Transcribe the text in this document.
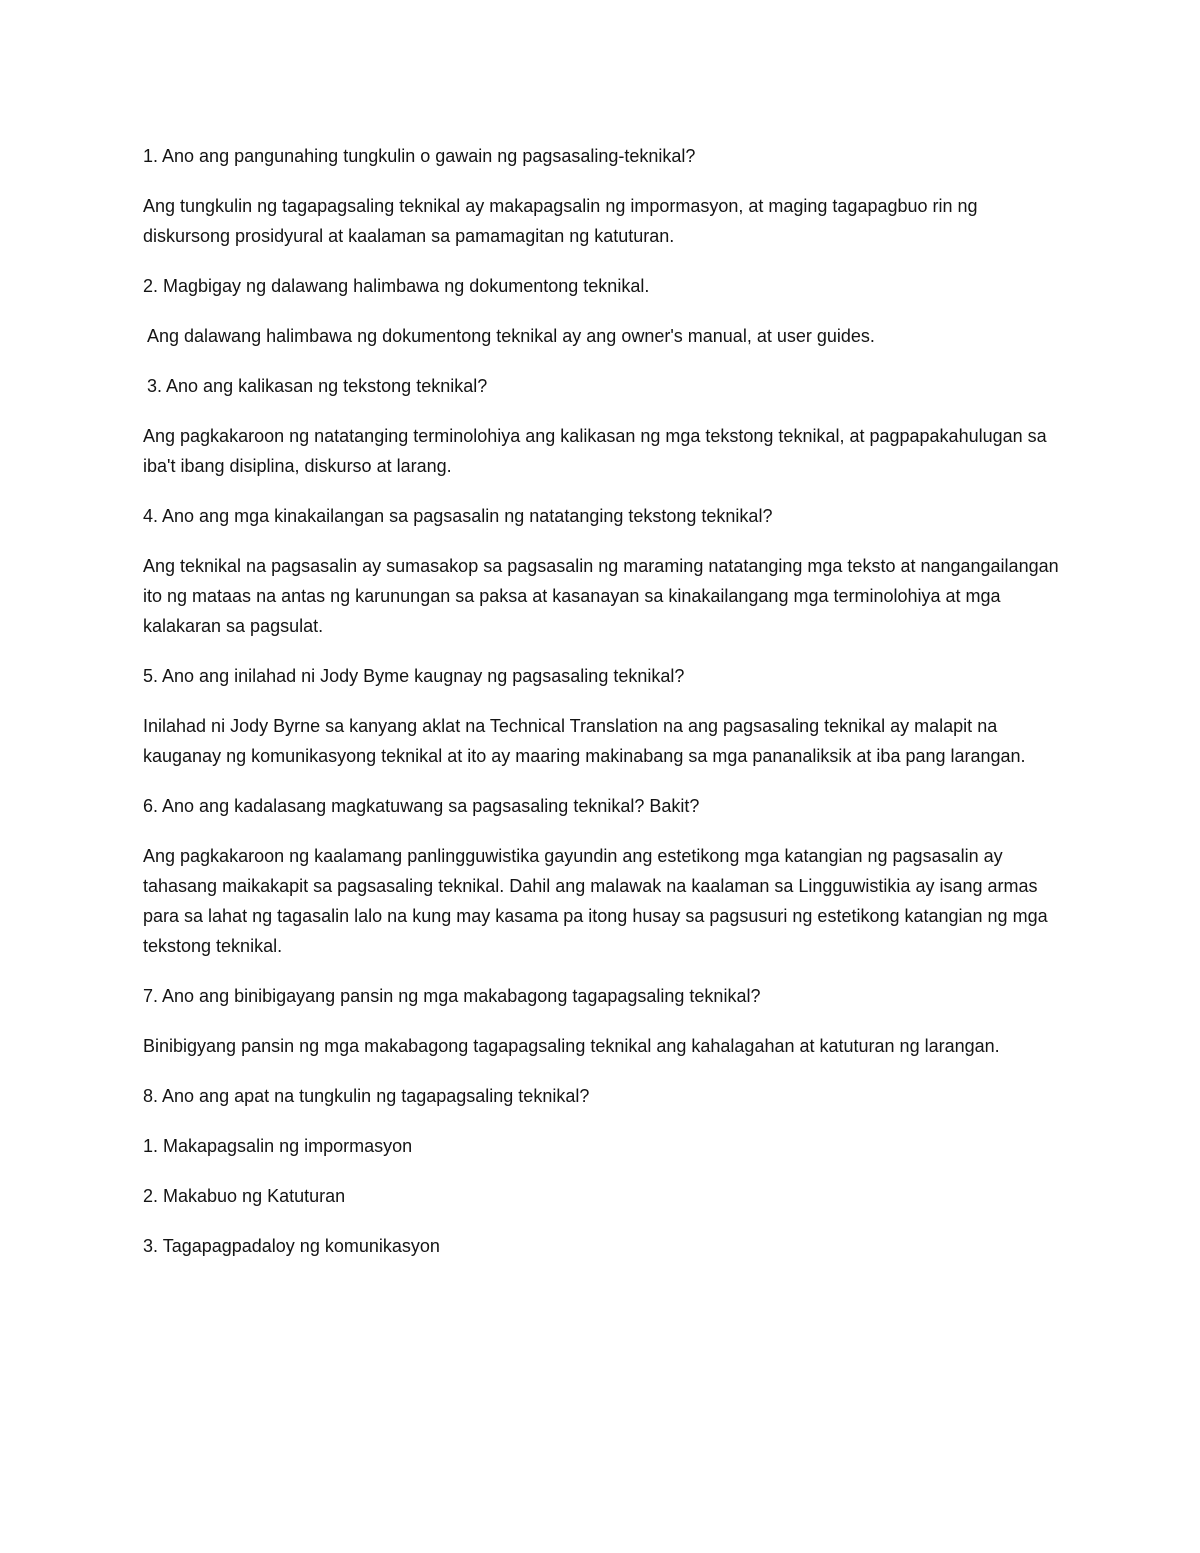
1. Ano ang pangunahing tungkulin o gawain ng pagsasaling-teknikal?

Ang tungkulin ng tagapagsaling teknikal ay makapagsalin ng impormasyon, at maging tagapagbuo rin ng diskursong prosidyural at kaalaman sa pamamagitan ng katuturan.

2. Magbigay ng dalawang halimbawa ng dokumentong teknikal.

Ang dalawang halimbawa ng dokumentong teknikal ay ang owner's manual, at user guides.

3. Ano ang kalikasan ng tekstong teknikal?

Ang pagkakaroon ng natatanging terminolohiya ang kalikasan ng mga tekstong teknikal, at pagpapakahulugan sa iba't ibang disiplina, diskurso at larang.

4. Ano ang mga kinakailangan sa pagsasalin ng natatanging tekstong teknikal?

Ang teknikal na pagsasalin ay sumasakop sa pagsasalin ng maraming natatanging mga teksto at nangangailangan ito ng mataas na antas ng karunungan sa paksa at kasanayan sa kinakailangang mga terminolohiya at mga kalakaran sa pagsulat.

5. Ano ang inilahad ni Jody Byme kaugnay ng pagsasaling teknikal?

Inilahad ni Jody Byrne sa kanyang aklat na Technical Translation na ang pagsasaling teknikal ay malapit na kauganay ng komunikasyong teknikal at ito ay maaring makinabang sa mga pananaliksik at iba pang larangan.

6. Ano ang kadalasang magkatuwang sa pagsasaling teknikal? Bakit?

Ang pagkakaroon ng kaalamang panlingguwistika gayundin ang estetikong mga katangian ng pagsasalin ay tahasang maikakapit sa pagsasaling teknikal. Dahil ang malawak na kaalaman sa Lingguwistikia ay isang armas para sa lahat ng tagasalin lalo na kung may kasama pa itong husay sa pagsusuri ng estetikong katangian ng mga tekstong teknikal.

7. Ano ang binibigayang pansin ng mga makabagong tagapagsaling teknikal?

Binibigyang pansin ng mga makabagong tagapagsaling teknikal ang kahalagahan at katuturan ng larangan.

8. Ano ang apat na tungkulin ng tagapagsaling teknikal?

1. Makapagsalin ng impormasyon

2. Makabuo ng Katuturan

3. Tagapagpadaloy ng komunikasyon
